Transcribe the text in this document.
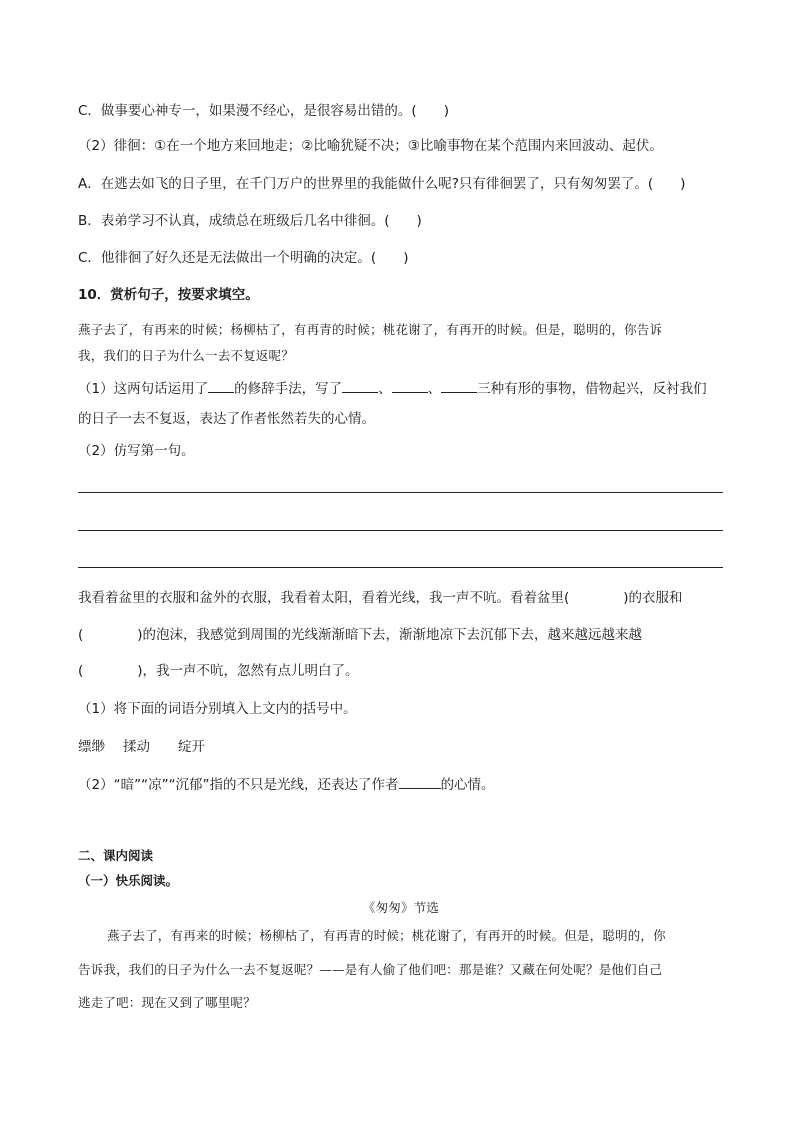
C．做事要心神专一，如果漫不经心，是很容易出错的。(　　)
（2）徘徊：①在一个地方来回地走；②比喻犹疑不决；③比喻事物在某个范围内来回波动、起伏。
A．在逃去如飞的日子里，在千门万户的世界里的我能做什么呢?只有徘徊罢了，只有匆匆罢了。(　　)
B．表弟学习不认真，成绩总在班级后几名中徘徊。(　　)
C．他徘徊了好久还是无法做出一个明确的决定。(　　)
10．赏析句子，按要求填空。
燕子去了，有再来的时候；杨柳枯了，有再青的时候；桃花谢了，有再开的时候。但是，聪明的，你告诉
我，我们的日子为什么一去不复返呢？
（1）这两句话运用了 的修辞手法，写了	、	、	三种有形的事物，借物起兴，反衬我们
的日子一去不复返，表达了作者怅然若失的心情。
（2）仿写第一句。
我看着盆里的衣服和盆外的衣服，我看着太阳，看着光线，我一声不吭。看着盆里(　　　　)的衣服和
(　　　　)的泡沫，我感觉到周围的光线渐渐暗下去，渐渐地凉下去沉郁下去，越来越远越来越
(　　　　)，我一声不吭，忽然有点儿明白了。
（1）将下面的词语分别填入上文内的括号中。
缥缈 揉动 绽开
（2）“暗”“凉”“沉郁”指的不只是光线，还表达了作者	的心情。
二、课内阅读
（一）快乐阅读。
《匆匆》节选
燕子去了，有再来的时候；杨柳枯了，有再青的时候；桃花谢了，有再开的时候。但是，聪明的，你
告诉我，我们的日子为什么一去不复返呢？——是有人偷了他们吧：那是谁？又藏在何处呢？是他们自己
逃走了吧：现在又到了哪里呢？
